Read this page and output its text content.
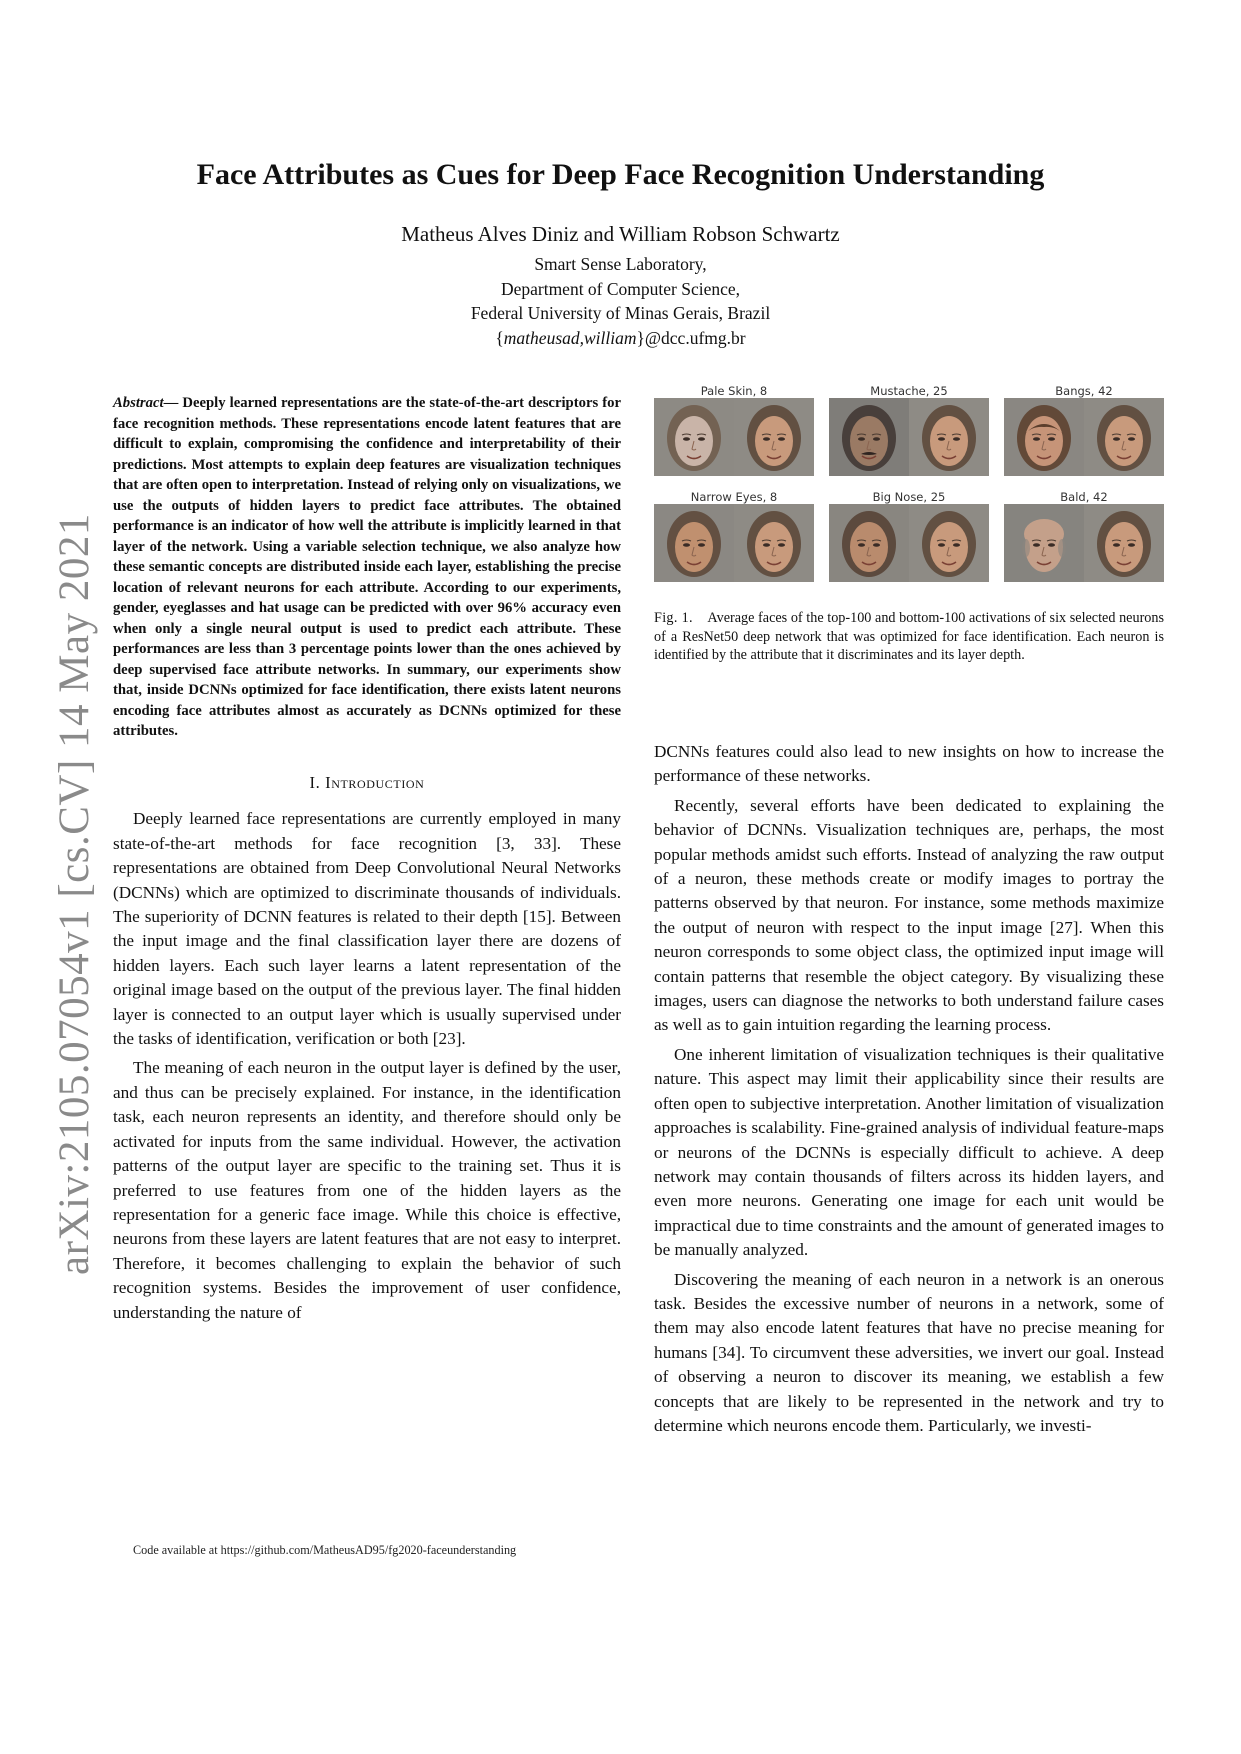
arXiv:2105.07054v1 [cs.CV] 14 May 2021
Face Attributes as Cues for Deep Face Recognition Understanding
Matheus Alves Diniz and William Robson Schwartz
Smart Sense Laboratory,
Department of Computer Science,
Federal University of Minas Gerais, Brazil
{matheusad,william}@dcc.ufmg.br

Abstract— Deeply learned representations are the state-of-the-art descriptors for face recognition methods. These representations encode latent features that are difficult to explain, compromising the confidence and interpretability of their predictions. Most attempts to explain deep features are visualization techniques that are often open to interpretation. Instead of relying only on visualizations, we use the outputs of hidden layers to predict face attributes. The obtained performance is an indicator of how well the attribute is implicitly learned in that layer of the network. Using a variable selection technique, we also analyze how these semantic concepts are distributed inside each layer, establishing the precise location of relevant neurons for each attribute. According to our experiments, gender, eyeglasses and hat usage can be predicted with over 96% accuracy even when only a single neural output is used to predict each attribute. These performances are less than 3 percentage points lower than the ones achieved by deep supervised face attribute networks. In summary, our experiments show that, inside DCNNs optimized for face identification, there exists latent neurons encoding face attributes almost as accurately as DCNNs optimized for these attributes.

I. Introduction

Deeply learned face representations are currently employed in many state-of-the-art methods for face recognition [3, 33]. These representations are obtained from Deep Convolutional Neural Networks (DCNNs) which are optimized to discriminate thousands of individuals. The superiority of DCNN features is related to their depth [15]. Between the input image and the final classification layer there are dozens of hidden layers. Each such layer learns a latent representation of the original image based on the output of the previous layer. The final hidden layer is connected to an output layer which is usually supervised under the tasks of identification, verification or both [23].

The meaning of each neuron in the output layer is defined by the user, and thus can be precisely explained. For instance, in the identification task, each neuron represents an identity, and therefore should only be activated for inputs from the same individual. However, the activation patterns of the output layer are specific to the training set. Thus it is preferred to use features from one of the hidden layers as the representation for a generic face image. While this choice is effective, neurons from these layers are latent features that are not easy to interpret. Therefore, it becomes challenging to explain the behavior of such recognition systems. Besides the improvement of user confidence, understanding the nature of

Code available at https://github.com/MatheusAD95/fg2020-faceunderstanding
Pale Skin, 8	Mustache, 25	Bangs, 42
Narrow Eyes, 8	Big Nose, 25	Bald, 42
Fig. 1. Average faces of the top-100 and bottom-100 activations of six selected neurons of a ResNet50 deep network that was optimized for face identification. Each neuron is identified by the attribute that it discriminates and its layer depth.

DCNNs features could also lead to new insights on how to increase the performance of these networks.

Recently, several efforts have been dedicated to explaining the behavior of DCNNs. Visualization techniques are, perhaps, the most popular methods amidst such efforts. Instead of analyzing the raw output of a neuron, these methods create or modify images to portray the patterns observed by that neuron. For instance, some methods maximize the output of neuron with respect to the input image [27]. When this neuron corresponds to some object class, the optimized input image will contain patterns that resemble the object category. By visualizing these images, users can diagnose the networks to both understand failure cases as well as to gain intuition regarding the learning process.

One inherent limitation of visualization techniques is their qualitative nature. This aspect may limit their applicability since their results are often open to subjective interpretation. Another limitation of visualization approaches is scalability. Fine-grained analysis of individual feature-maps or neurons of the DCNNs is especially difficult to achieve. A deep network may contain thousands of filters across its hidden layers, and even more neurons. Generating one image for each unit would be impractical due to time constraints and the amount of generated images to be manually analyzed.

Discovering the meaning of each neuron in a network is an onerous task. Besides the excessive number of neurons in a network, some of them may also encode latent features that have no precise meaning for humans [34]. To circumvent these adversities, we invert our goal. Instead of observing a neuron to discover its meaning, we establish a few concepts that are likely to be represented in the network and try to determine which neurons encode them. Particularly, we investi-
